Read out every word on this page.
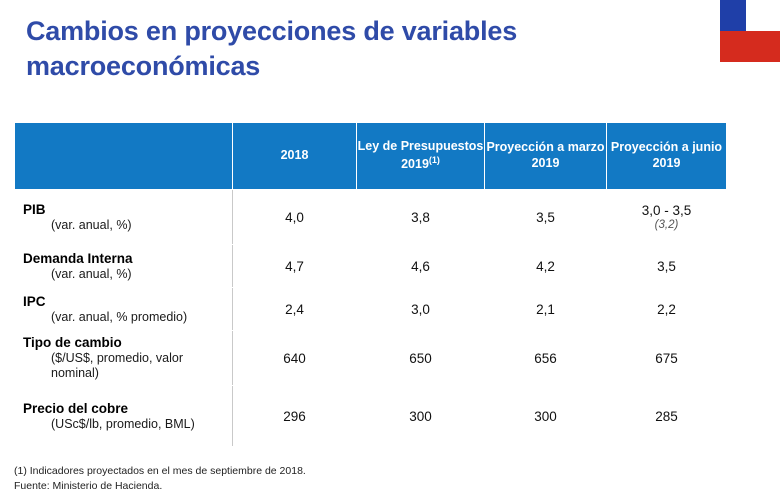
Cambios en proyecciones de variables macroeconómicas
	2018	Ley de Presupuestos 2019$^{(1)}$	Proyección a marzo 2019	Proyección a junio 2019

PIB
(var. anual, %)	4,0	3,8	3,5	3,0 - 3,5
(3,2)

Demanda Interna
(var. anual, %)	4,7	4,6	4,2	3,5

IPC
(var. anual, % promedio)	2,4	3,0	2,1	2,2

Tipo de cambio
($/US$, promedio, valor nominal)	640	650	656	675

Precio del cobre
(USc$/lb, promedio, BML)	296	300	300	285
(1) Indicadores proyectados en el mes de septiembre de 2018.
Fuente: Ministerio de Hacienda.
